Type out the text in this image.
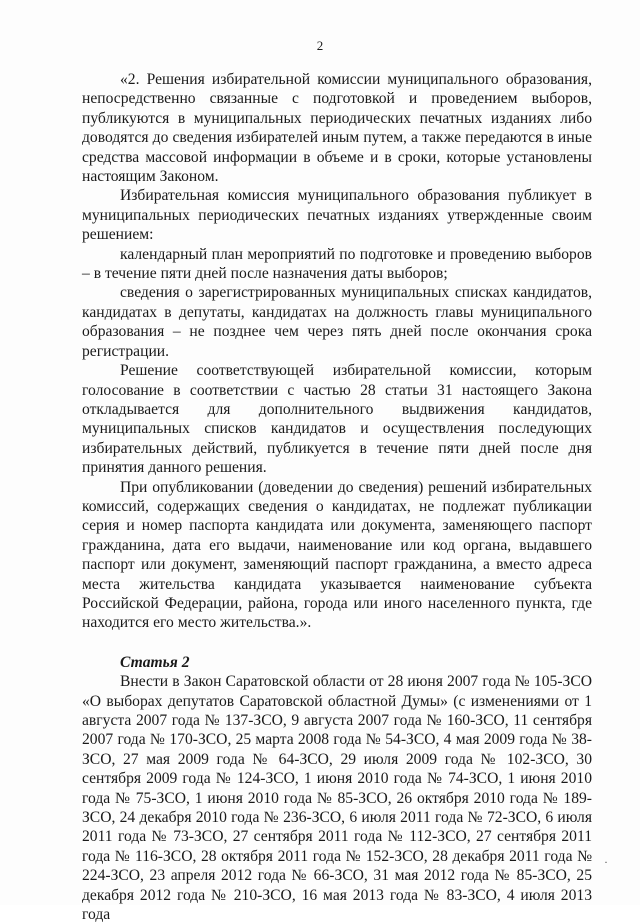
2

«2. Решения избирательной комиссии муниципального образования, непосредственно связанные с подготовкой и проведением выборов, публикуются в муниципальных периодических печатных изданиях либо доводятся до сведения избирателей иным путем, а также передаются в иные средства массовой информации в объеме и в сроки, которые установлены настоящим Законом.

Избирательная комиссия муниципального образования публикует в муниципальных периодических печатных изданиях утвержденные своим решением:

календарный план мероприятий по подготовке и проведению выборов – в течение пяти дней после назначения даты выборов;

сведения о зарегистрированных муниципальных списках кандидатов, кандидатах в депутаты, кандидатах на должность главы муниципального образования – не позднее чем через пять дней после окончания срока регистрации.

Решение соответствующей избирательной комиссии, которым голосование в соответствии с частью 28 статьи 31 настоящего Закона откладывается для дополнительного выдвижения кандидатов, муниципальных списков кандидатов и осуществления последующих избирательных действий, публикуется в течение пяти дней после дня принятия данного решения.

При опубликовании (доведении до сведения) решений избирательных комиссий, содержащих сведения о кандидатах, не подлежат публикации серия и номер паспорта кандидата или документа, заменяющего паспорт гражданина, дата его выдачи, наименование или код органа, выдавшего паспорт или документ, заменяющий паспорт гражданина, а вместо адреса места жительства кандидата указывается наименование субъекта Российской Федерации, района, города или иного населенного пункта, где находится его место жительства.».

Статья 2

Внести в Закон Саратовской области от 28 июня 2007 года № 105-ЗСО «О выборах депутатов Саратовской областной Думы» (с изменениями от 1 августа 2007 года № 137-ЗСО, 9 августа 2007 года № 160-ЗСО, 11 сентября 2007 года № 170-ЗСО, 25 марта 2008 года № 54-ЗСО, 4 мая 2009 года № 38-ЗСО, 27 мая 2009 года № 64-ЗСО, 29 июля 2009 года № 102-ЗСО, 30 сентября 2009 года № 124-ЗСО, 1 июня 2010 года № 74-ЗСО, 1 июня 2010 года № 75-ЗСО, 1 июня 2010 года № 85-ЗСО, 26 октября 2010 года № 189-ЗСО, 24 декабря 2010 года № 236-ЗСО, 6 июля 2011 года № 72-ЗСО, 6 июля 2011 года № 73-ЗСО, 27 сентября 2011 года № 112-ЗСО, 27 сентября 2011 года № 116-ЗСО, 28 октября 2011 года № 152-ЗСО, 28 декабря 2011 года № 224-ЗСО, 23 апреля 2012 года № 66-ЗСО, 31 мая 2012 года № 85-ЗСО, 25 декабря 2012 года № 210-ЗСО, 16 мая 2013 года № 83-ЗСО, 4 июля 2013 года

·
